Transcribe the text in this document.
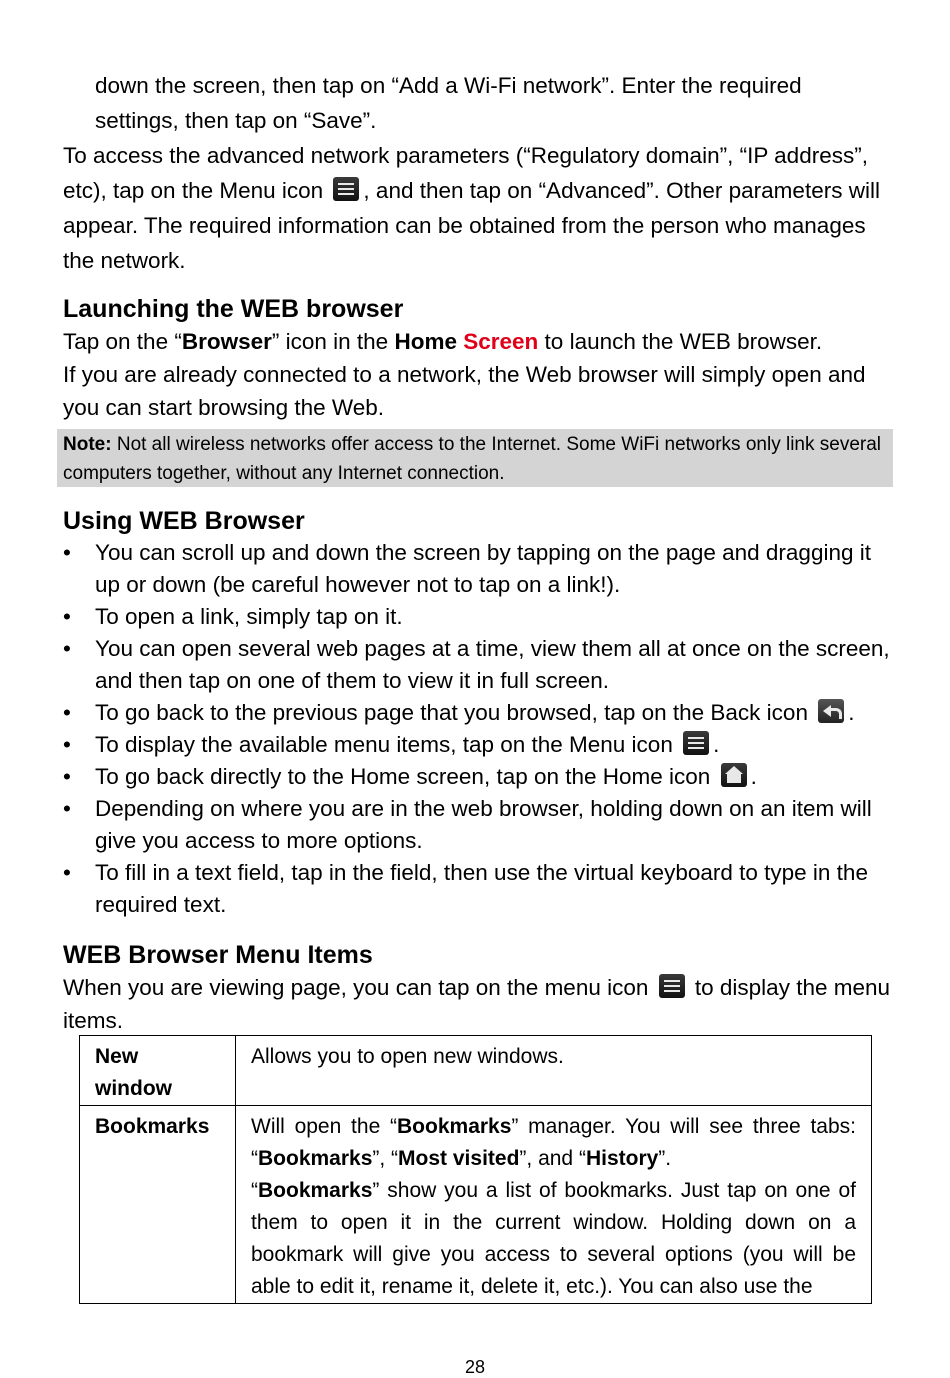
down the screen, then tap on “Add a Wi-Fi network”. Enter the required

settings, then tap on “Save”.

To access the advanced network parameters (“Regulatory domain”, “IP address”, etc), tap on the Menu icon , and then tap on “Advanced”. Other parameters will appear. The required information can be obtained from the person who manages the network.

Launching the WEB browser

Tap on the “Browser” icon in the Home Screen to launch the WEB browser.
If you are already connected to a network, the Web browser will simply open and you can start browsing the Web.

Note: Not all wireless networks offer access to the Internet. Some WiFi networks only link several computers together, without any Internet connection.

Using WEB Browser
• You can scroll up and down the screen by tapping on the page and dragging it up or down (be careful however not to tap on a link!).
• To open a link, simply tap on it.
• You can open several web pages at a time, view them all at once on the screen, and then tap on one of them to view it in full screen.
• To go back to the previous page that you browsed, tap on the Back icon .
• To display the available menu items, tap on the Menu icon .
• To go back directly to the Home screen, tap on the Home icon .
• Depending on where you are in the web browser, holding down on an item will give you access to more options.
• To fill in a text field, tap in the field, then use the virtual keyboard to type in the required text.
WEB Browser Menu Items

When you are viewing page, you can tap on the menu icon
to display the menu items.

New window	Allows you to open new windows.
Bookmarks	Will open the “Bookmarks” manager. You will see three tabs: “Bookmarks”, “Most visited”, and “History”.
“Bookmarks” show you a list of bookmarks. Just tap on one of them to open it in the current window. Holding down on a bookmark will give you access to several options (you will be able to edit it, rename it, delete it, etc.). You can also use the
28
